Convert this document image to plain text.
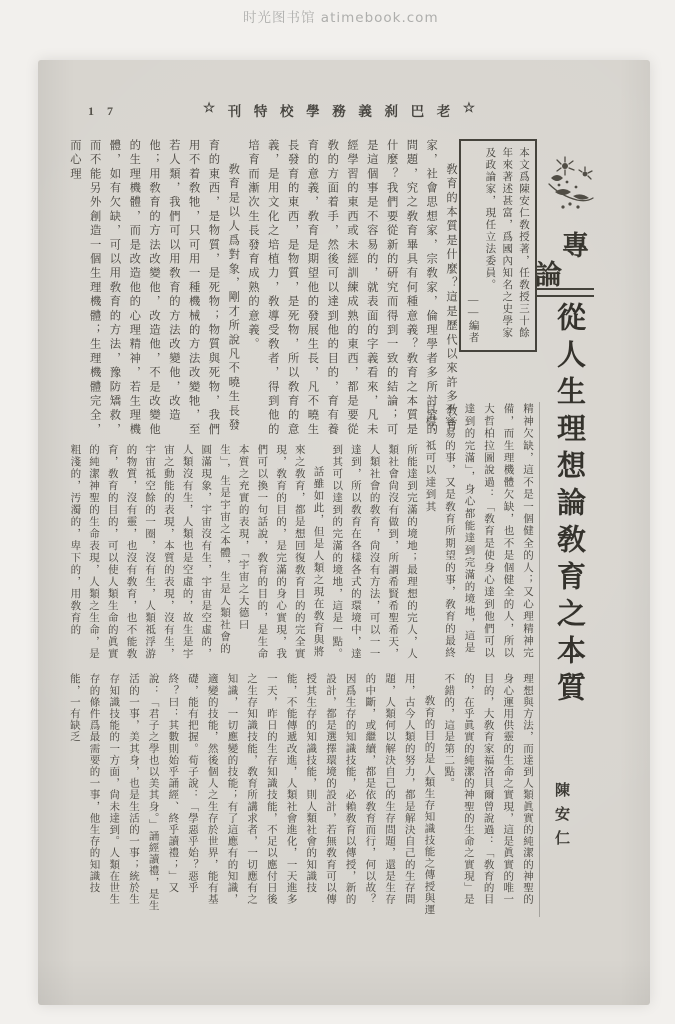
时光图书馆 atimebook.com
1 7	☆ 刊 特 校 學 務 義 刹 巴 老 ☆
專
論
從人生理想論敎育之本質
陳安仁
本文爲陳安仁敎授著，任敎授三十餘年來著述甚富，爲國內知名之史學家及政論家，現任立法委員。
——編者

敎育的本質是什麼？這是歷代以來許多敎育家，社會思想家，宗敎家，倫理學者多所討究的問題，究之敎育畢具有何種意義？敎育之本質是什麼？我們要從新的硏究而得到一致的結論；可是這個事是不容易的，就表面的字義看來，凡未經學習的東西或未經訓練成熟的東西，都是要從敎的方面着手，然後可以達到他的目的，育有養育的意義，敎育是期望他的發展生長，凡不曉生長發育的東西，是物質，是死物，所以敎育的意義，是用文化之培植力，敎導受敎者，得到他的培育而漸次生長發育成熟的意義。

敎育是以人爲對象，剛才所說凡不曉生長發育的東西，是物質，是死物；物質與死物，我們用不着敎牠，只可用一種機械的方法改變牠，至若人類，我們可以用敎育的方法改變他，改造他；用敎育的方法改變他，改造他，不是改變他的生理機體，而是改造他的心理精神，若生理機體，如有欠缺，可以用敎育的方法，豫防矯救，而不能另外創造一個生理機體；生理機體完全，而心理

精神欠缺，這不是一個健全的人；又心理精神完備，而生理機體欠缺，也不是個健全的人，所以大哲柏拉圖說過：「敎育是使身心達到他們可以達到的完滿」，身心都能達到完滿的境地，這是不容易的事，又是敎育所期望的事，敎育的最終目標，祗可以達到其

所能達到完滿的境地；最理想的完人，人類社會尙沒有做到，所謂希賢希聖希天，人類社會的敎育，尙沒有方法，可以一一達到，所以敎育在各樣各式的環境中，達到其可以達到的完滿的境地，這是一點。

話雖如此，但是人類之現在敎育與將來之敎育，都是想回復敎育目的的完全實現，敎育的目的，是完滿的身心實現，我們可以換一句話說，敎育的目的，是生命本質之充實的表現，「宇宙之大德曰生」，生是宇宙之本體，生是人類社會的圓滿現象，宇宙沒有生，宇宙是空虛的，人類沒有生，人類也是空虛的，故生是宇宙之動能的表現，本質的表現，沒有生，宇宙祗空餘的一圈，沒有生，人類祗浮游的物質，沒有靈，也沒有敎育，也不能敎育，敎育的目的，可以使人類生命的眞實的純潔神聖的生命表現，人類之生命，是粗淺的，汚濁的，卑下的，用敎育的

理想與方法，而達到人類眞實的純潔的神聖的身心運用供靈的生命之實現，這是眞實的唯一目的，大敎育家福洛貝爾曾說過：「敎育的目的，在乎眞實的純潔的神聖的生命之實現」是不錯的，這是第二點。

敎育的目的是人類生存知識技能之傳授與運用，古今人類的努力，都是解決自己的生存問題，人類何以解決自己的生存問題，還是生存的中斷，或繼續，都是依敎育而行，何以故？因爲生存的知識技能，必賴敎育以傳授，新的設計，都是選擇環境的設計，若無敎育可以傳授其生存的知識技能，則人類社會的知識技能，不能傳遞改進，人類社會進化，一天進多一天，昨日的生存知識技能，不足以應付日後之生存知識技能，敎育所講求者，一切應有之知識，一切應變的技能；有了這應有的知識，適變的技能，然後個人之生存於世界，能有基礎，能有把握。荀子說：「學惡乎始？惡乎終？曰：其數則始乎誦經、終乎讀禮；」又說：「君子之學也以美其身。」誦經讀禮，是生活的一事，美其身，也是生活的一事；統於生存知識技能的一方面，尙未達到。人類在世生存的條件爲最需要的一事，他生存的知識技能，一有缺乏
